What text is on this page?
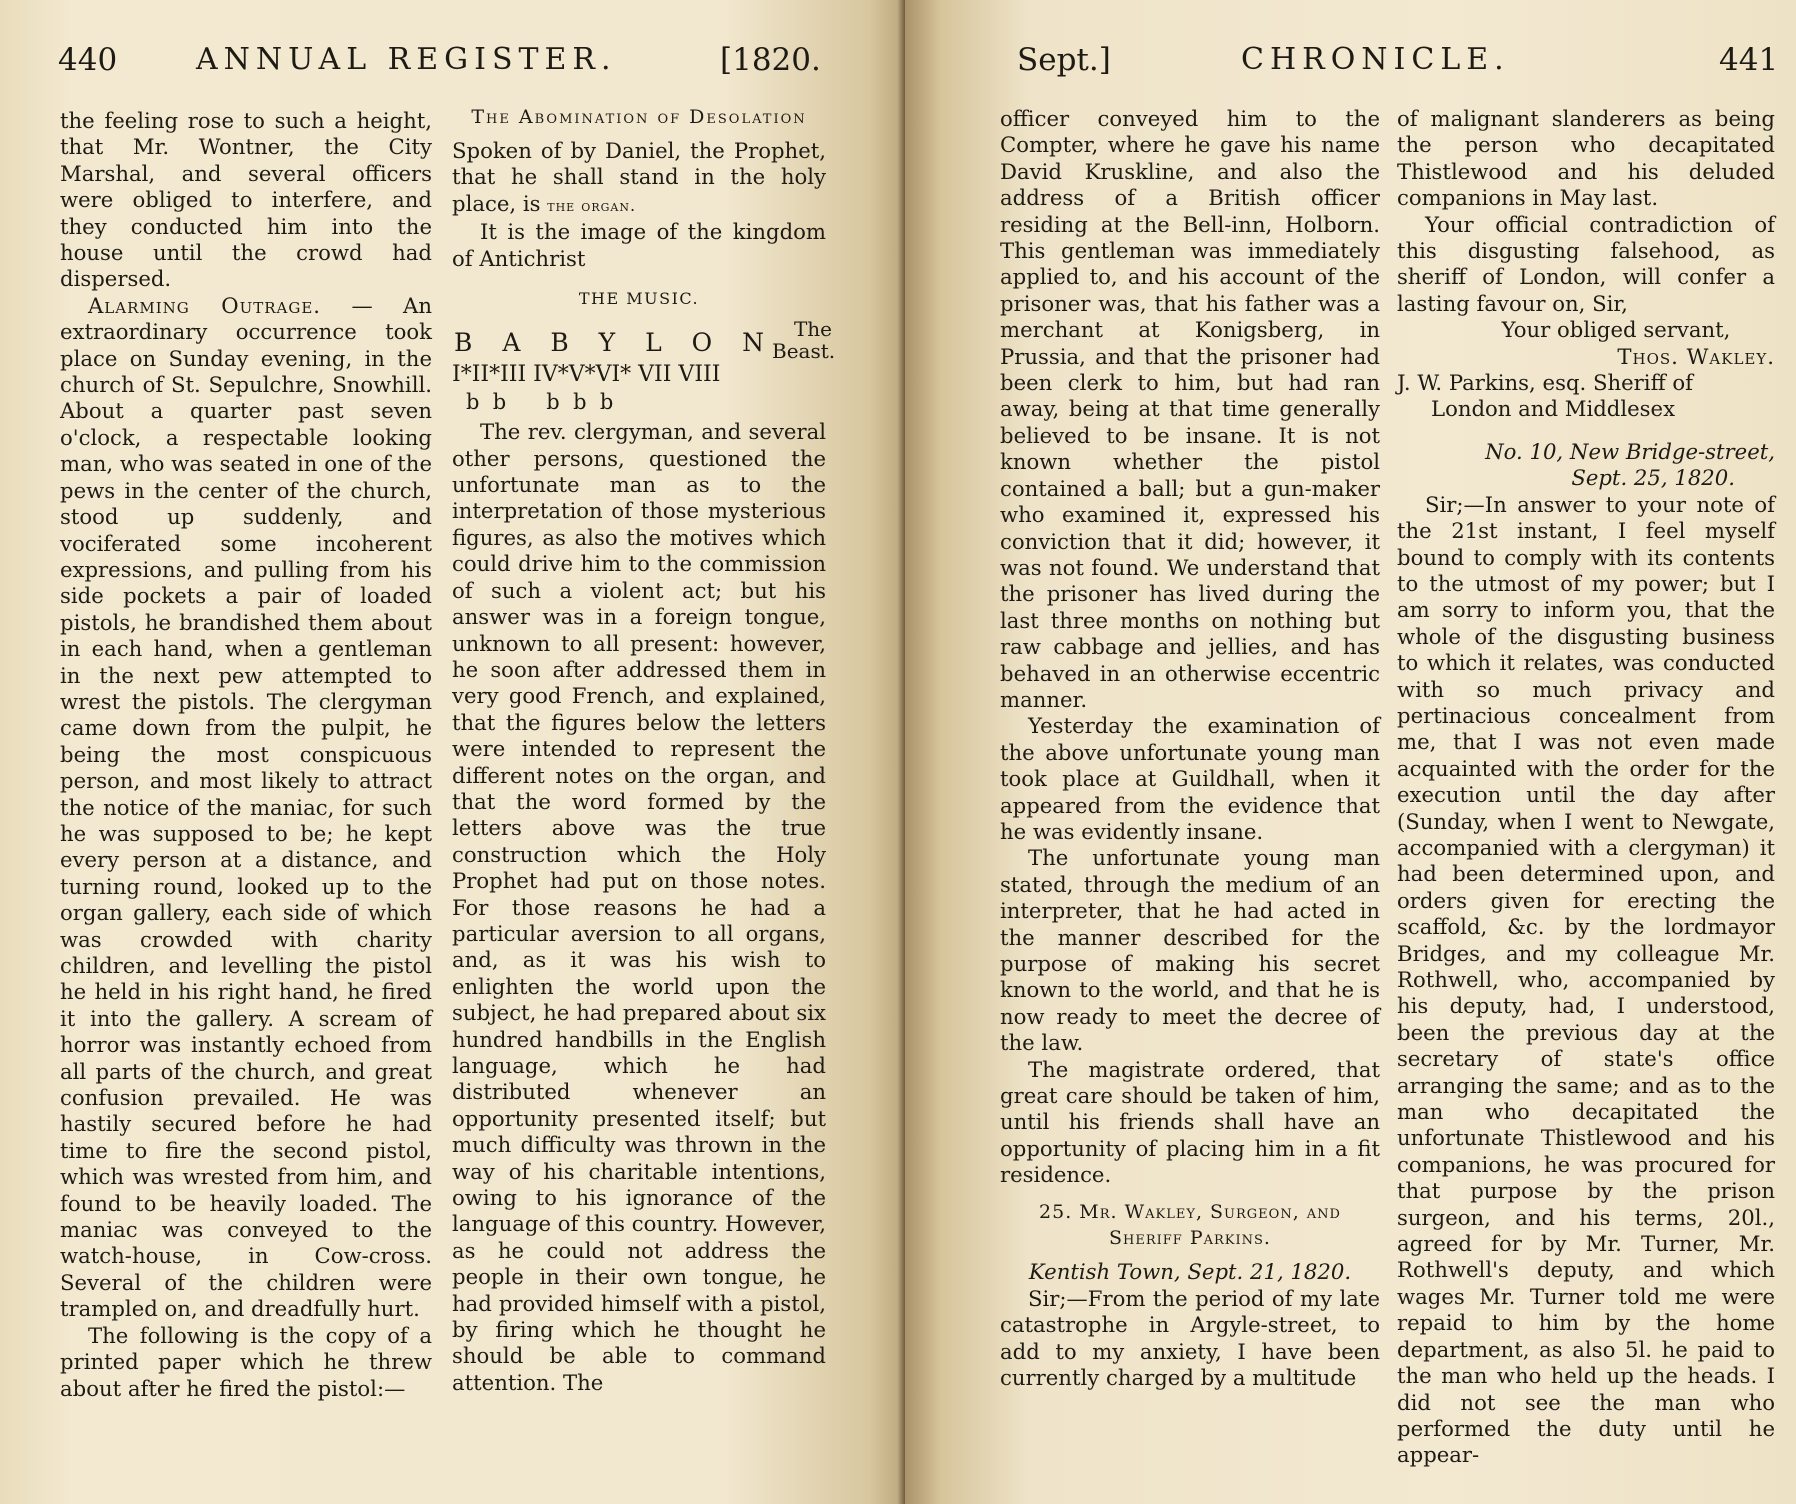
440	ANNUAL REGISTER.	[1820.

the feeling rose to such a height, that Mr. Wontner, the City Marshal, and several officers were obliged to interfere, and they conducted him into the house until the crowd had dispersed.

Alarming Outrage. — An extraordinary occurrence took place on Sunday evening, in the church of St. Sepulchre, Snowhill. About a quarter past seven o'clock, a respectable looking man, who was seated in one of the pews in the center of the church, stood up suddenly, and vociferated some incoherent expressions, and pulling from his side pockets a pair of loaded pistols, he brandished them about in each hand, when a gentleman in the next pew attempted to wrest the pistols. The clergyman came down from the pulpit, he being the most conspicuous person, and most likely to attract the notice of the maniac, for such he was supposed to be; he kept every person at a distance, and turning round, looked up to the organ gallery, each side of which was crowded with charity children, and levelling the pistol he held in his right hand, he fired it into the gallery. A scream of horror was instantly echoed from all parts of the church, and great confusion prevailed. He was hastily secured before he had time to fire the second pistol, which was wrested from him, and found to be heavily loaded. The maniac was conveyed to the watch-house, in Cow-cross. Several of the children were trampled on, and dreadfully hurt.

The following is the copy of a printed paper which he threw about after he fired the pistol:—

The Abomination of Desolation

Spoken of by Daniel, the Prophet, that he shall stand in the holy place, is the organ.

It is the image of the kingdom of Antichrist

THE MUSIC.

B A B Y L O N The Beast.
I*II*III IV*V*VI* VII VIII
b  b      b  b  b

The rev. clergyman, and several other persons, questioned the unfortunate man as to the interpretation of those mysterious figures, as also the motives which could drive him to the commission of such a violent act; but his answer was in a foreign tongue, unknown to all present: however, he soon after addressed them in very good French, and explained, that the figures below the letters were intended to represent the different notes on the organ, and that the word formed by the letters above was the true construction which the Holy Prophet had put on those notes. For those reasons he had a particular aversion to all organs, and, as it was his wish to enlighten the world upon the subject, he had prepared about six hundred handbills in the English language, which he had distributed whenever an opportunity presented itself; but much difficulty was thrown in the way of his charitable intentions, owing to his ignorance of the language of this country. However, as he could not address the people in their own tongue, he had provided himself with a pistol, by firing which he thought he should be able to command attention. The

Sept.]	CHRONICLE.	441

officer conveyed him to the Compter, where he gave his name David Kruskline, and also the address of a British officer residing at the Bell-inn, Holborn. This gentleman was immediately applied to, and his account of the prisoner was, that his father was a merchant at Konigsberg, in Prussia, and that the prisoner had been clerk to him, but had ran away, being at that time generally believed to be insane. It is not known whether the pistol contained a ball; but a gun-maker who examined it, expressed his conviction that it did; however, it was not found. We understand that the prisoner has lived during the last three months on nothing but raw cabbage and jellies, and has behaved in an otherwise eccentric manner.

Yesterday the examination of the above unfortunate young man took place at Guildhall, when it appeared from the evidence that he was evidently insane.

The unfortunate young man stated, through the medium of an interpreter, that he had acted in the manner described for the purpose of making his secret known to the world, and that he is now ready to meet the decree of the law.

The magistrate ordered, that great care should be taken of him, until his friends shall have an opportunity of placing him in a fit residence.

25. Mr. Wakley, Surgeon, and Sheriff Parkins.

Kentish Town, Sept. 21, 1820.

Sir;—From the period of my late catastrophe in Argyle-street, to add to my anxiety, I have been currently charged by a multitude

of malignant slanderers as being the person who decapitated Thistlewood and his deluded companions in May last.

Your official contradiction of this disgusting falsehood, as sheriff of London, will confer a lasting favour on, Sir,

Your obliged servant,

Thos. Wakley.

J. W. Parkins, esq. Sheriff of

London and Middlesex

No. 10, New Bridge-street,

Sept. 25, 1820.

Sir;—In answer to your note of the 21st instant, I feel myself bound to comply with its contents to the utmost of my power; but I am sorry to inform you, that the whole of the disgusting business to which it relates, was conducted with so much privacy and pertinacious concealment from me, that I was not even made acquainted with the order for the execution until the day after (Sunday, when I went to Newgate, accompanied with a clergyman) it had been determined upon, and orders given for erecting the scaffold, &c. by the lordmayor Bridges, and my colleague Mr. Rothwell, who, accompanied by his deputy, had, I understood, been the previous day at the secretary of state's office arranging the same; and as to the man who decapitated the unfortunate Thistlewood and his companions, he was procured for that purpose by the prison surgeon, and his terms, 20l., agreed for by Mr. Turner, Mr. Rothwell's deputy, and which wages Mr. Turner told me were repaid to him by the home department, as also 5l. he paid to the man who held up the heads. I did not see the man who performed the duty until he appear-
